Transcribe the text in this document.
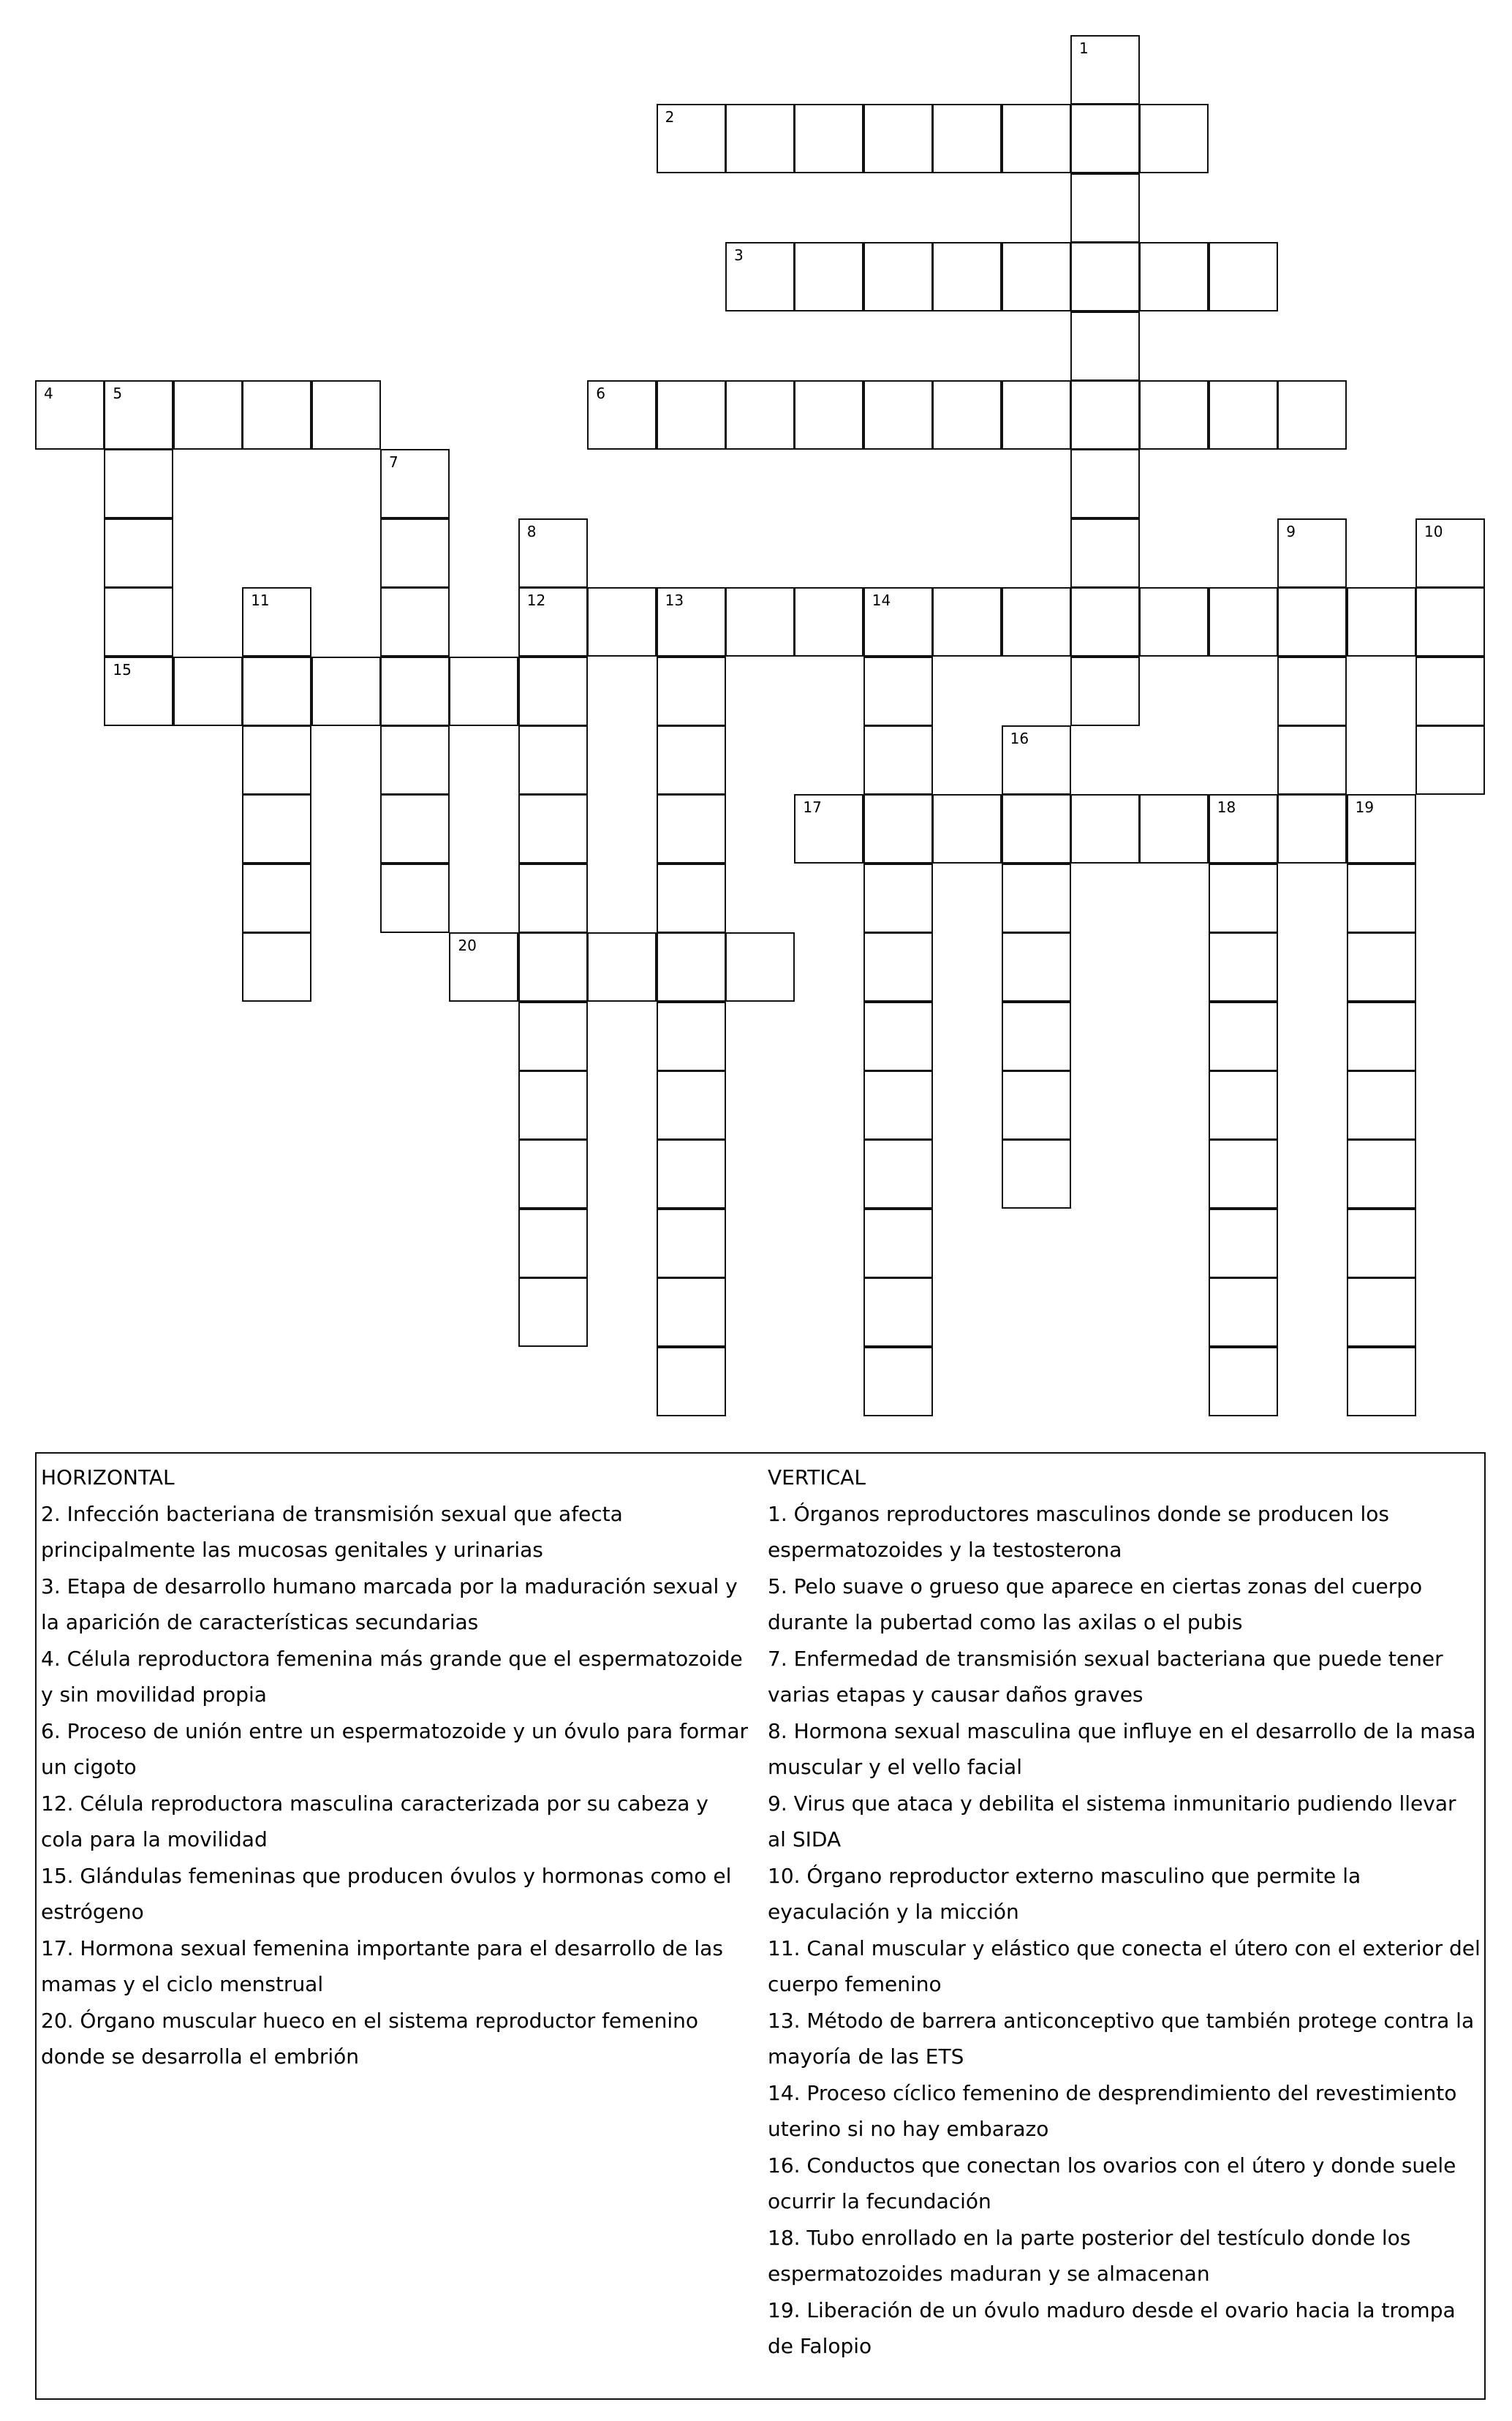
1
2
3
4	5
15
6
7
8
12
9	10
11	13	14
16
17	18	19
20
HORIZONTAL
2. Infección bacteriana de transmisión sexual que afecta principalmente las mucosas genitales y urinarias
3. Etapa de desarrollo humano marcada por la maduración sexual y la aparición de características secundarias
4. Célula reproductora femenina más grande que el espermatozoide y sin movilidad propia
6. Proceso de unión entre un espermatozoide y un óvulo para formar un cigoto
12. Célula reproductora masculina caracterizada por su cabeza y cola para la movilidad
15. Glándulas femeninas que producen óvulos y hormonas como el estrógeno
17. Hormona sexual femenina importante para el desarrollo de las mamas y el ciclo menstrual
20. Órgano muscular hueco en el sistema reproductor femenino donde se desarrolla el embrión
VERTICAL
1. Órganos reproductores masculinos donde se producen los espermatozoides y la testosterona
5. Pelo suave o grueso que aparece en ciertas zonas del cuerpo durante la pubertad como las axilas o el pubis
7. Enfermedad de transmisión sexual bacteriana que puede tener varias etapas y causar daños graves
8. Hormona sexual masculina que influye en el desarrollo de la masa muscular y el vello facial
9. Virus que ataca y debilita el sistema inmunitario pudiendo llevar al SIDA
10. Órgano reproductor externo masculino que permite la eyaculación y la micción
11. Canal muscular y elástico que conecta el útero con el exterior del cuerpo femenino
13. Método de barrera anticonceptivo que también protege contra la mayoría de las ETS
14. Proceso cíclico femenino de desprendimiento del revestimiento uterino si no hay embarazo
16. Conductos que conectan los ovarios con el útero y donde suele ocurrir la fecundación
18. Tubo enrollado en la parte posterior del testículo donde los espermatozoides maduran y se almacenan
19. Liberación de un óvulo maduro desde el ovario hacia la trompa de Falopio
